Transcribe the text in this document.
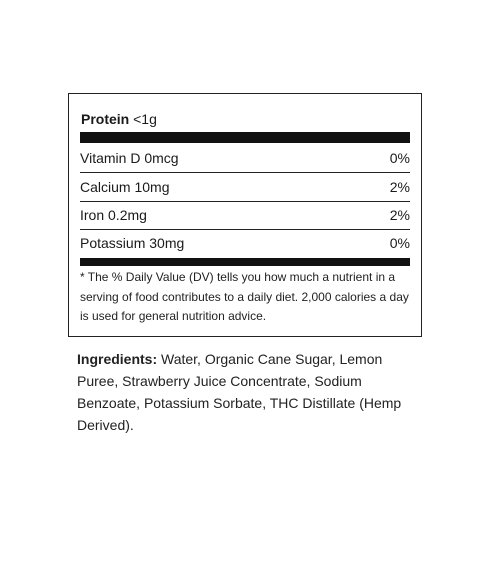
Protein <1g
Vitamin D 0mcg	0%
Calcium 10mg	2%
Iron 0.2mg	2%
Potassium 30mg	0%
* The % Daily Value (DV) tells you how much a nutrient in a serving of food contributes to a daily diet. 2,000 calories a day is used for general nutrition advice.
Ingredients: Water, Organic Cane Sugar, Lemon Puree, Strawberry Juice Concentrate, Sodium Benzoate, Potassium Sorbate, THC Distillate (Hemp Derived).
